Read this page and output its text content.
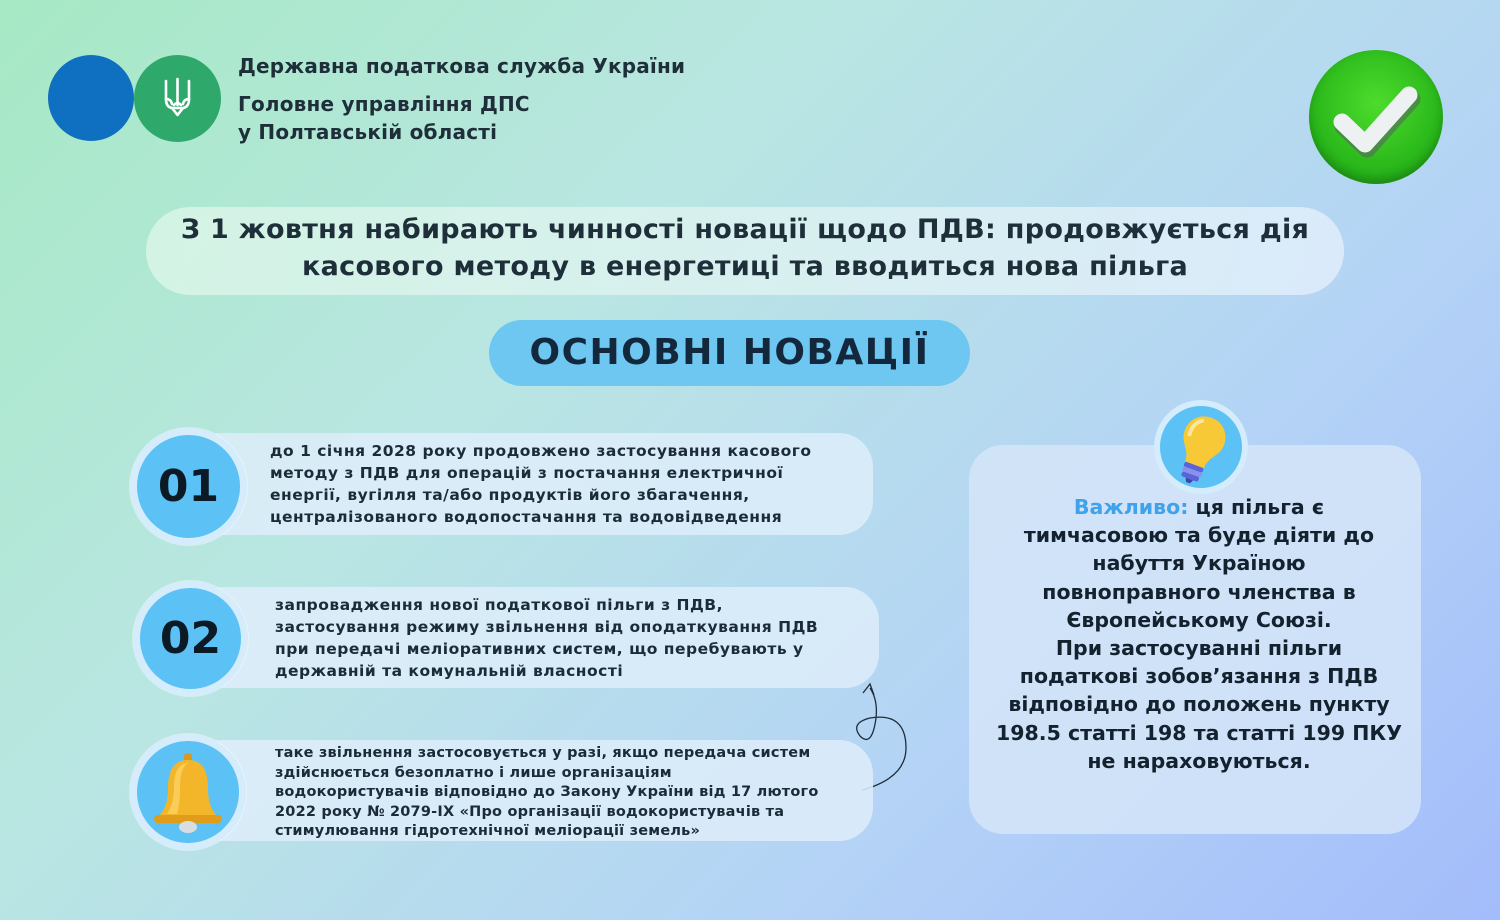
Державна податкова служба України
Головне управління ДПС
у Полтавській області
З 1 жовтня набирають чинності новації щодо ПДВ: продовжується дія
касового методу в енергетиці та вводиться нова пільга
ОСНОВНІ НОВАЦІЇ
01
до 1 січня 2028 року продовжено застосування касового
методу з ПДВ для операцій з постачання електричної
енергії, вугілля та/або продуктів його збагачення,
централізованого водопостачання та водовідведення
02
запровадження нової податкової пільги з ПДВ,
застосування режиму звільнення від оподаткування ПДВ
при передачі меліоративних систем, що перебувають у
державній та комунальній власності
таке звільнення застосовується у разі, якщо передача систем
здійснюється безоплатно і лише організаціям
водокористувачів відповідно до Закону України від 17 лютого
2022 року № 2079-IX «Про організації водокористувачів та
стимулювання гідротехнічної меліорації земель»
Важливо: ця пільга є
тимчасовою та буде діяти до
набуття Україною
повноправного членства в
Європейському Союзі.
При застосуванні пільги
податкові зобов’язання з ПДВ
відповідно до положень пункту
198.5 статті 198 та статті 199 ПКУ
не нараховуються.
